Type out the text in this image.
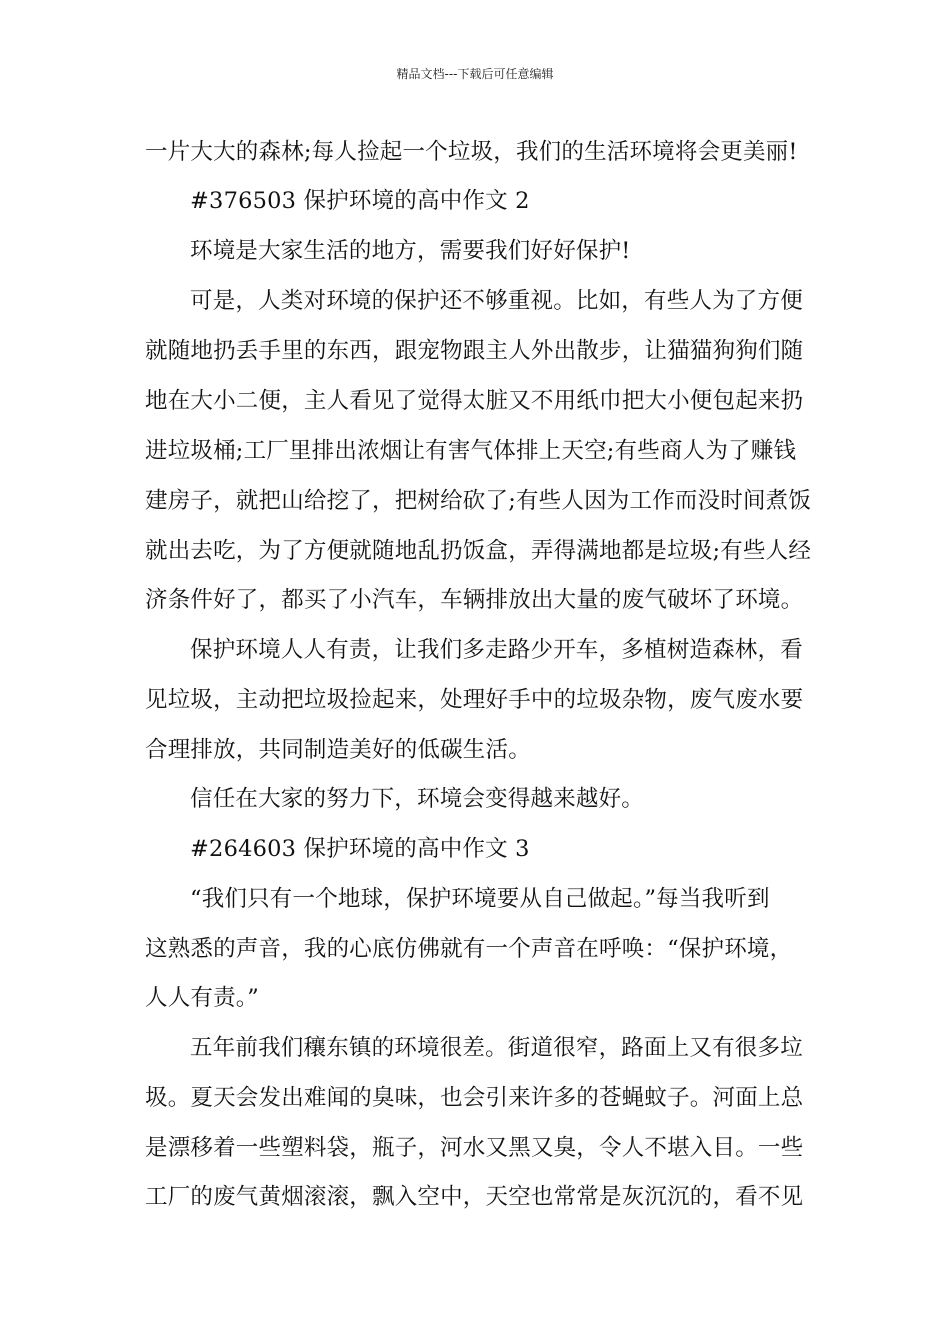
精品文档---下载后可任意编辑
一片大大的森林;每人捡起一个垃圾，我们的生活环境将会更美丽!
#376503 保护环境的高中作文 2
环境是大家生活的地方，需要我们好好保护!
可是，人类对环境的保护还不够重视。比如，有些人为了方便
就随地扔丢手里的东西，跟宠物跟主人外出散步，让猫猫狗狗们随
地在大小二便，主人看见了觉得太脏又不用纸巾把大小便包起来扔
进垃圾桶;工厂里排出浓烟让有害气体排上天空;有些商人为了赚钱
建房子，就把山给挖了，把树给砍了;有些人因为工作而没时间煮饭
就出去吃，为了方便就随地乱扔饭盒，弄得满地都是垃圾;有些人经
济条件好了，都买了小汽车，车辆排放出大量的废气破坏了环境。
保护环境人人有责，让我们多走路少开车，多植树造森林，看
见垃圾，主动把垃圾捡起来，处理好手中的垃圾杂物，废气废水要
合理排放，共同制造美好的低碳生活。
信任在大家的努力下，环境会变得越来越好。
#264603 保护环境的高中作文 3
“我们只有一个地球，保护环境要从自己做起。”每当我听到
这熟悉的声音，我的心底仿佛就有一个声音在呼唤：“保护环境，
人人有责。”
五年前我们穰东镇的环境很差。街道很窄，路面上又有很多垃
圾。夏天会发出难闻的臭味，也会引来许多的苍蝇蚊子。河面上总
是漂移着一些塑料袋，瓶子，河水又黑又臭，令人不堪入目。一些
工厂的废气黄烟滚滚，飘入空中，天空也常常是灰沉沉的，看不见
